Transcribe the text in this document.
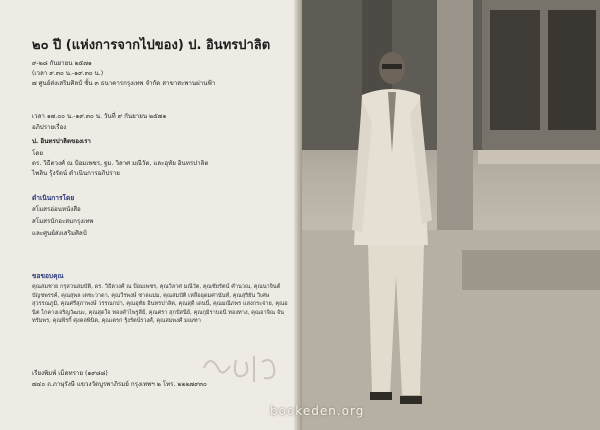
๒๐ ปี (แห่งการจากไปของ) ป. อินทรปาลิต
๙-๒๘ กันยายน ๒๕๗๑
(เวลา ๙.๓๐ น.-๑๙.๓๐ น.)
๗ ศูนย์ส่งเสริมศิลป์ ชั้น ๓ ธนาคารกรุงเทพ จำกัด สาขาสะพานผ่านฟ้า
เวลา ๑๗.๐๐ น.-๑๙.๓๐ น. วันที่ ๙ กันยายน ๒๕๗๑
อภิปรายเรื่อง
ป. อินทรปาลิตของเรา
โดย
ดร. วิธีตวงศ์ ณ ป้อมเพชร, ฐม. วิลาศ มณีวัต, และอุทัย อินทรปาลิต
ไพลิน รุ้งรัตน์ ดำเนินการอภิปราย
ดำเนินการโดย
สโมสรอ่อนหนังสือ
สโมสรนักอะสมกรุงเทพ
และศูนย์ส่งเสริมศิลป์
ขอขอบคุณ
คุณสมชาย กรุสวนสมบัติ, ดร. วิธีตวงศ์ ณ ป้อมเพชร, คุณวิลาศ มณีวัต, คุณชัยรัตน์ คำนวณ, คุณนาจินต์ บัญชพรรค์, คุณสุพล เตชะวาดา, คุณวีรพงษ์ ชาลแม่ม, คุณสมบัติ เหลืออุดมศานันท์, คุณสุริยัน วิเศษสุวรรณภูมิ, คุณศรีสุภาพงษ์ วรรณกปา, คุณอุทัย อินทรปาลิต, คุณสุดี เดนนี่, คุณมณีภพร แสงกระจ่าย, คุณอนิต ไกคางเจริญวัฒนะ, คุณสุดใจ ทองคำไพรูลีย์, คุณศรา สุกปัสนีย์, คุณกุมิราบอนี ทองทาง, คุณอาจิณ จันทรัมพร, คุณพีรกิ์ ศุงคลพินิต, คุณเตรก รุ้งรัตน์รวงศ์, คุณสมพงศ์ มณฑา
เรียงพิมพ์ เม็ดทราย (๑๙๘๘)
๗๔๐ ถ.ภาษุรังษี แขวงวัดบูรพาภิรมย์ กรุงเทพฯ ๒ โทร. ๒๒๒๗๙๓๐
bookeden.org
